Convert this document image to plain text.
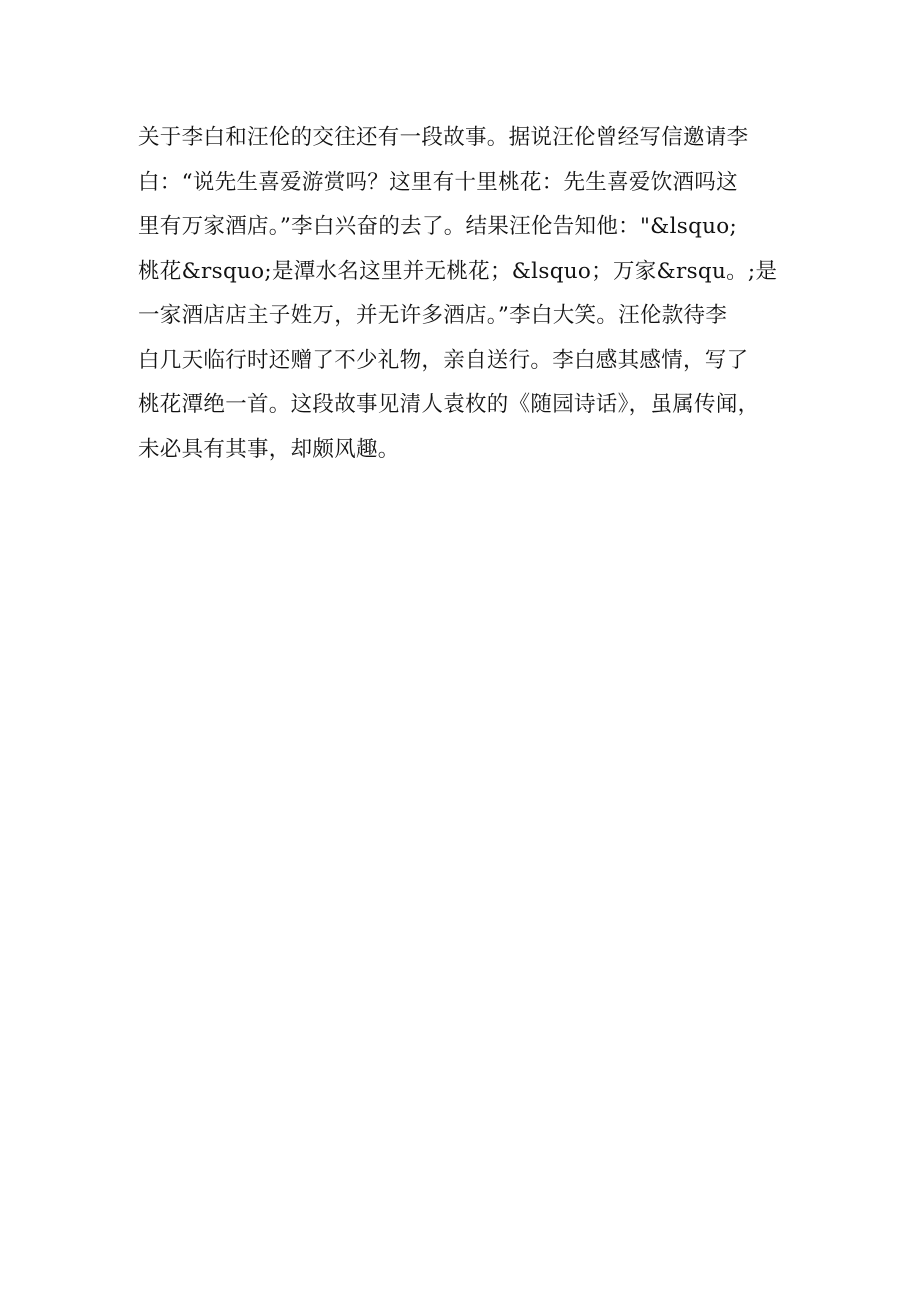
关于李白和汪伦的交往还有一段故事。据说汪伦曾经写信邀请李
白：“说先生喜爱游赏吗？这里有十里桃花：先生喜爱饮酒吗这
里有万家酒店。”李白兴奋的去了。结果汪伦告知他："&lsquo;
桃花&rsquo;是潭水名这里并无桃花；&lsquo；万家&rsqu。;是
一家酒店店主子姓万，并无许多酒店。”李白大笑。汪伦款待李
白几天临行时还赠了不少礼物，亲自送行。李白感其感情，写了
桃花潭绝一首。这段故事见清人袁枚的《随园诗话》，虽属传闻，
未必具有其事，却颇风趣。
